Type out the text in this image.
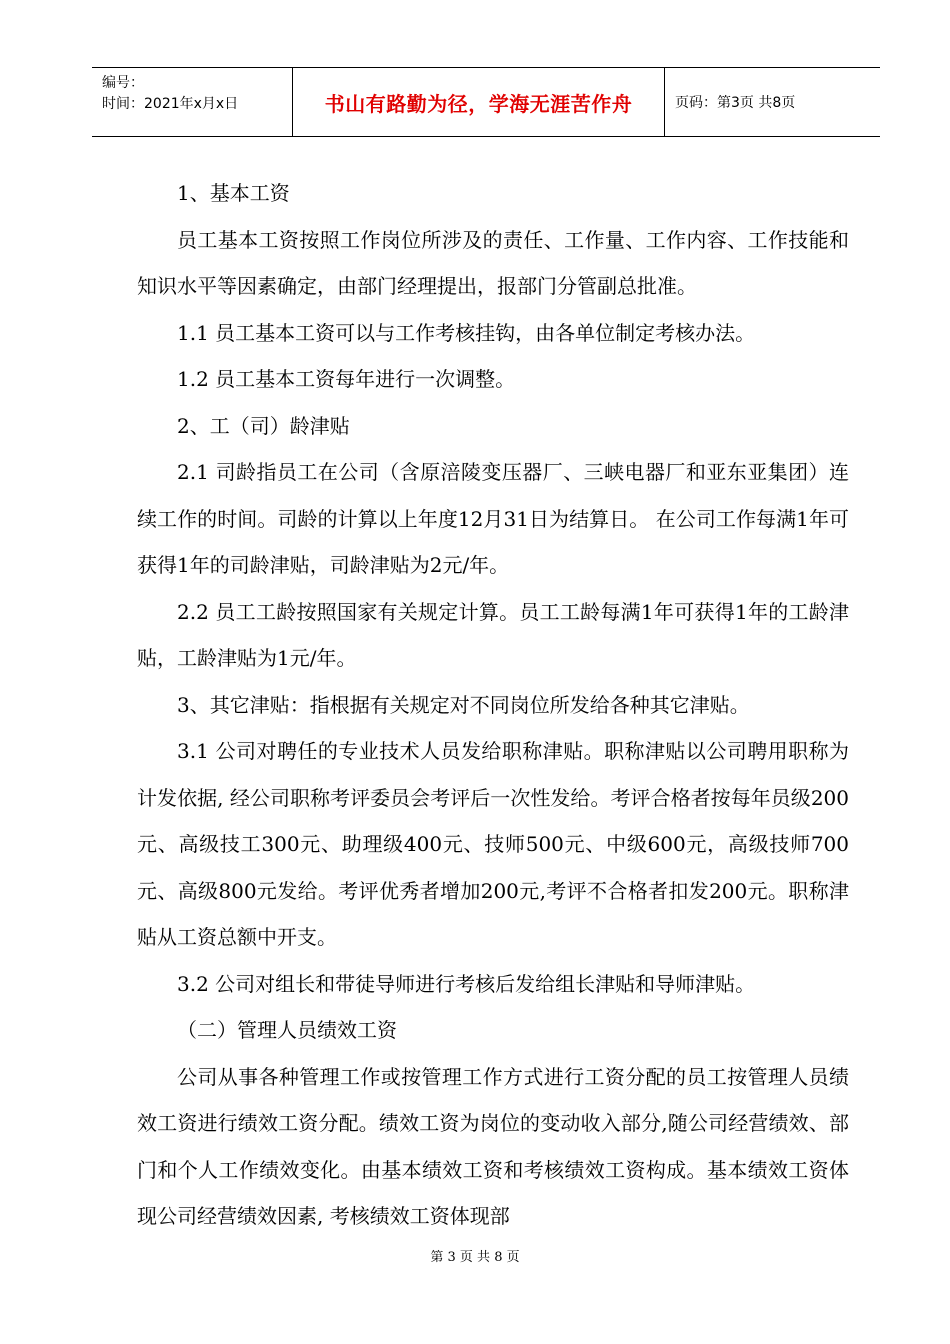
编号：
时间：2021年x月x日	书山有路勤为径，学海无涯苦作舟	页码：第3页 共8页

1、基本工资

员工基本工资按照工作岗位所涉及的责任、工作量、工作内容、工作技能和知识水平等因素确定，由部门经理提出，报部门分管副总批准。

1.1 员工基本工资可以与工作考核挂钩，由各单位制定考核办法。

1.2 员工基本工资每年进行一次调整。

2、工（司）龄津贴

2.1 司龄指员工在公司（含原涪陵变压器厂、三峡电器厂和亚东亚集团）连续工作的时间。司龄的计算以上年度12月31日为结算日。 在公司工作每满1年可获得1年的司龄津贴，司龄津贴为2元/年。

2.2 员工工龄按照国家有关规定计算。员工工龄每满1年可获得1年的工龄津贴，工龄津贴为1元/年。

3、其它津贴：指根据有关规定对不同岗位所发给各种其它津贴。

3.1 公司对聘任的专业技术人员发给职称津贴。职称津贴以公司聘用职称为计发依据, 经公司职称考评委员会考评后一次性发给。考评合格者按每年员级200元、高级技工300元、助理级400元、技师500元、中级600元，高级技师700元、高级800元发给。考评优秀者增加200元,考评不合格者扣发200元。职称津贴从工资总额中开支。

3.2 公司对组长和带徒导师进行考核后发给组长津贴和导师津贴。

（二）管理人员绩效工资

公司从事各种管理工作或按管理工作方式进行工资分配的员工按管理人员绩效工资进行绩效工资分配。绩效工资为岗位的变动收入部分,随公司经营绩效、部门和个人工作绩效变化。由基本绩效工资和考核绩效工资构成。基本绩效工资体现公司经营绩效因素, 考核绩效工资体现部

第 3 页 共 8 页
